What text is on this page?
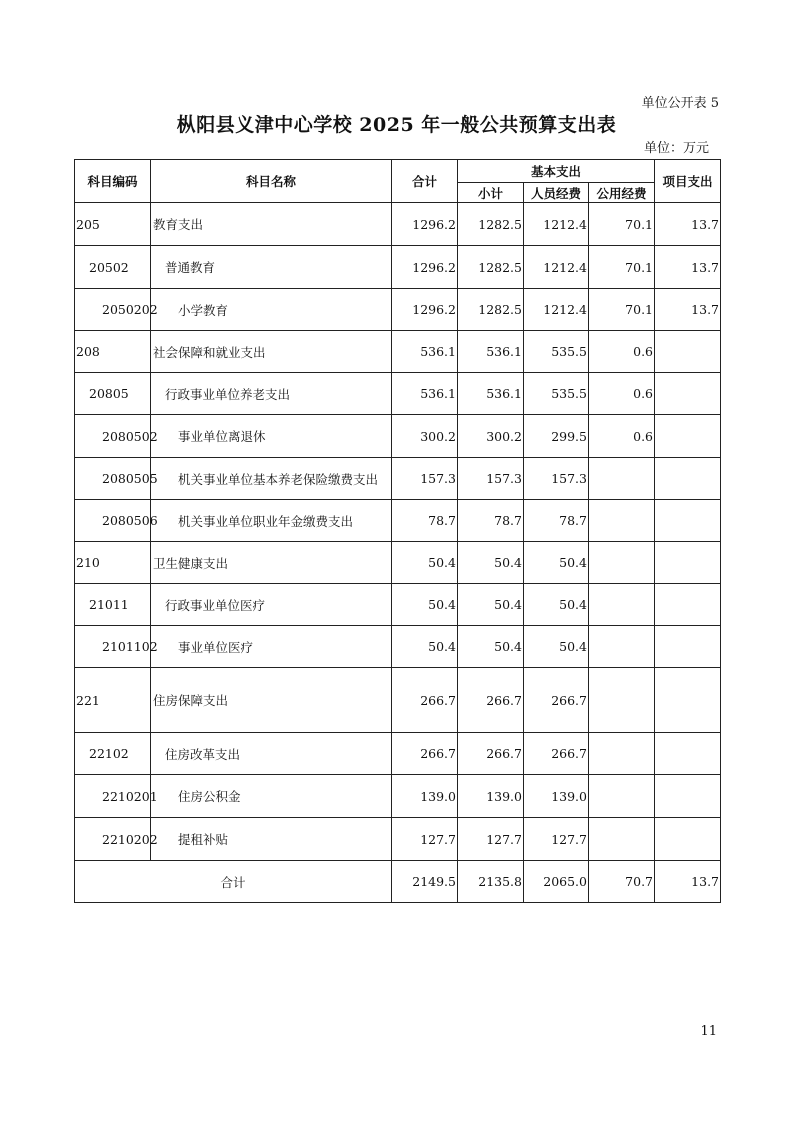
单位公开表 5
枞阳县义津中心学校 2025 年一般公共预算支出表
单位：万元
科目编码	科目名称	合计	基本支出			项目支出
			小计	人员经费	公用经费	
205	教育支出	1296.2	1282.5	1212.4	70.1	13.7
20502	普通教育	1296.2	1282.5	1212.4	70.1	13.7
2050202	小学教育	1296.2	1282.5	1212.4	70.1	13.7
208	社会保障和就业支出	536.1	536.1	535.5	0.6	
20805	行政事业单位养老支出	536.1	536.1	535.5	0.6	
2080502	事业单位离退休	300.2	300.2	299.5	0.6	
2080505	机关事业单位基本养老保险缴费支出	157.3	157.3	157.3		
2080506	机关事业单位职业年金缴费支出	78.7	78.7	78.7		
210	卫生健康支出	50.4	50.4	50.4		
21011	行政事业单位医疗	50.4	50.4	50.4		
2101102	事业单位医疗	50.4	50.4	50.4		
221	住房保障支出	266.7	266.7	266.7		
22102	住房改革支出	266.7	266.7	266.7		
2210201	住房公积金	139.0	139.0	139.0		
2210202	提租补贴	127.7	127.7	127.7		
合计		2149.5	2135.8	2065.0	70.7	13.7
11
